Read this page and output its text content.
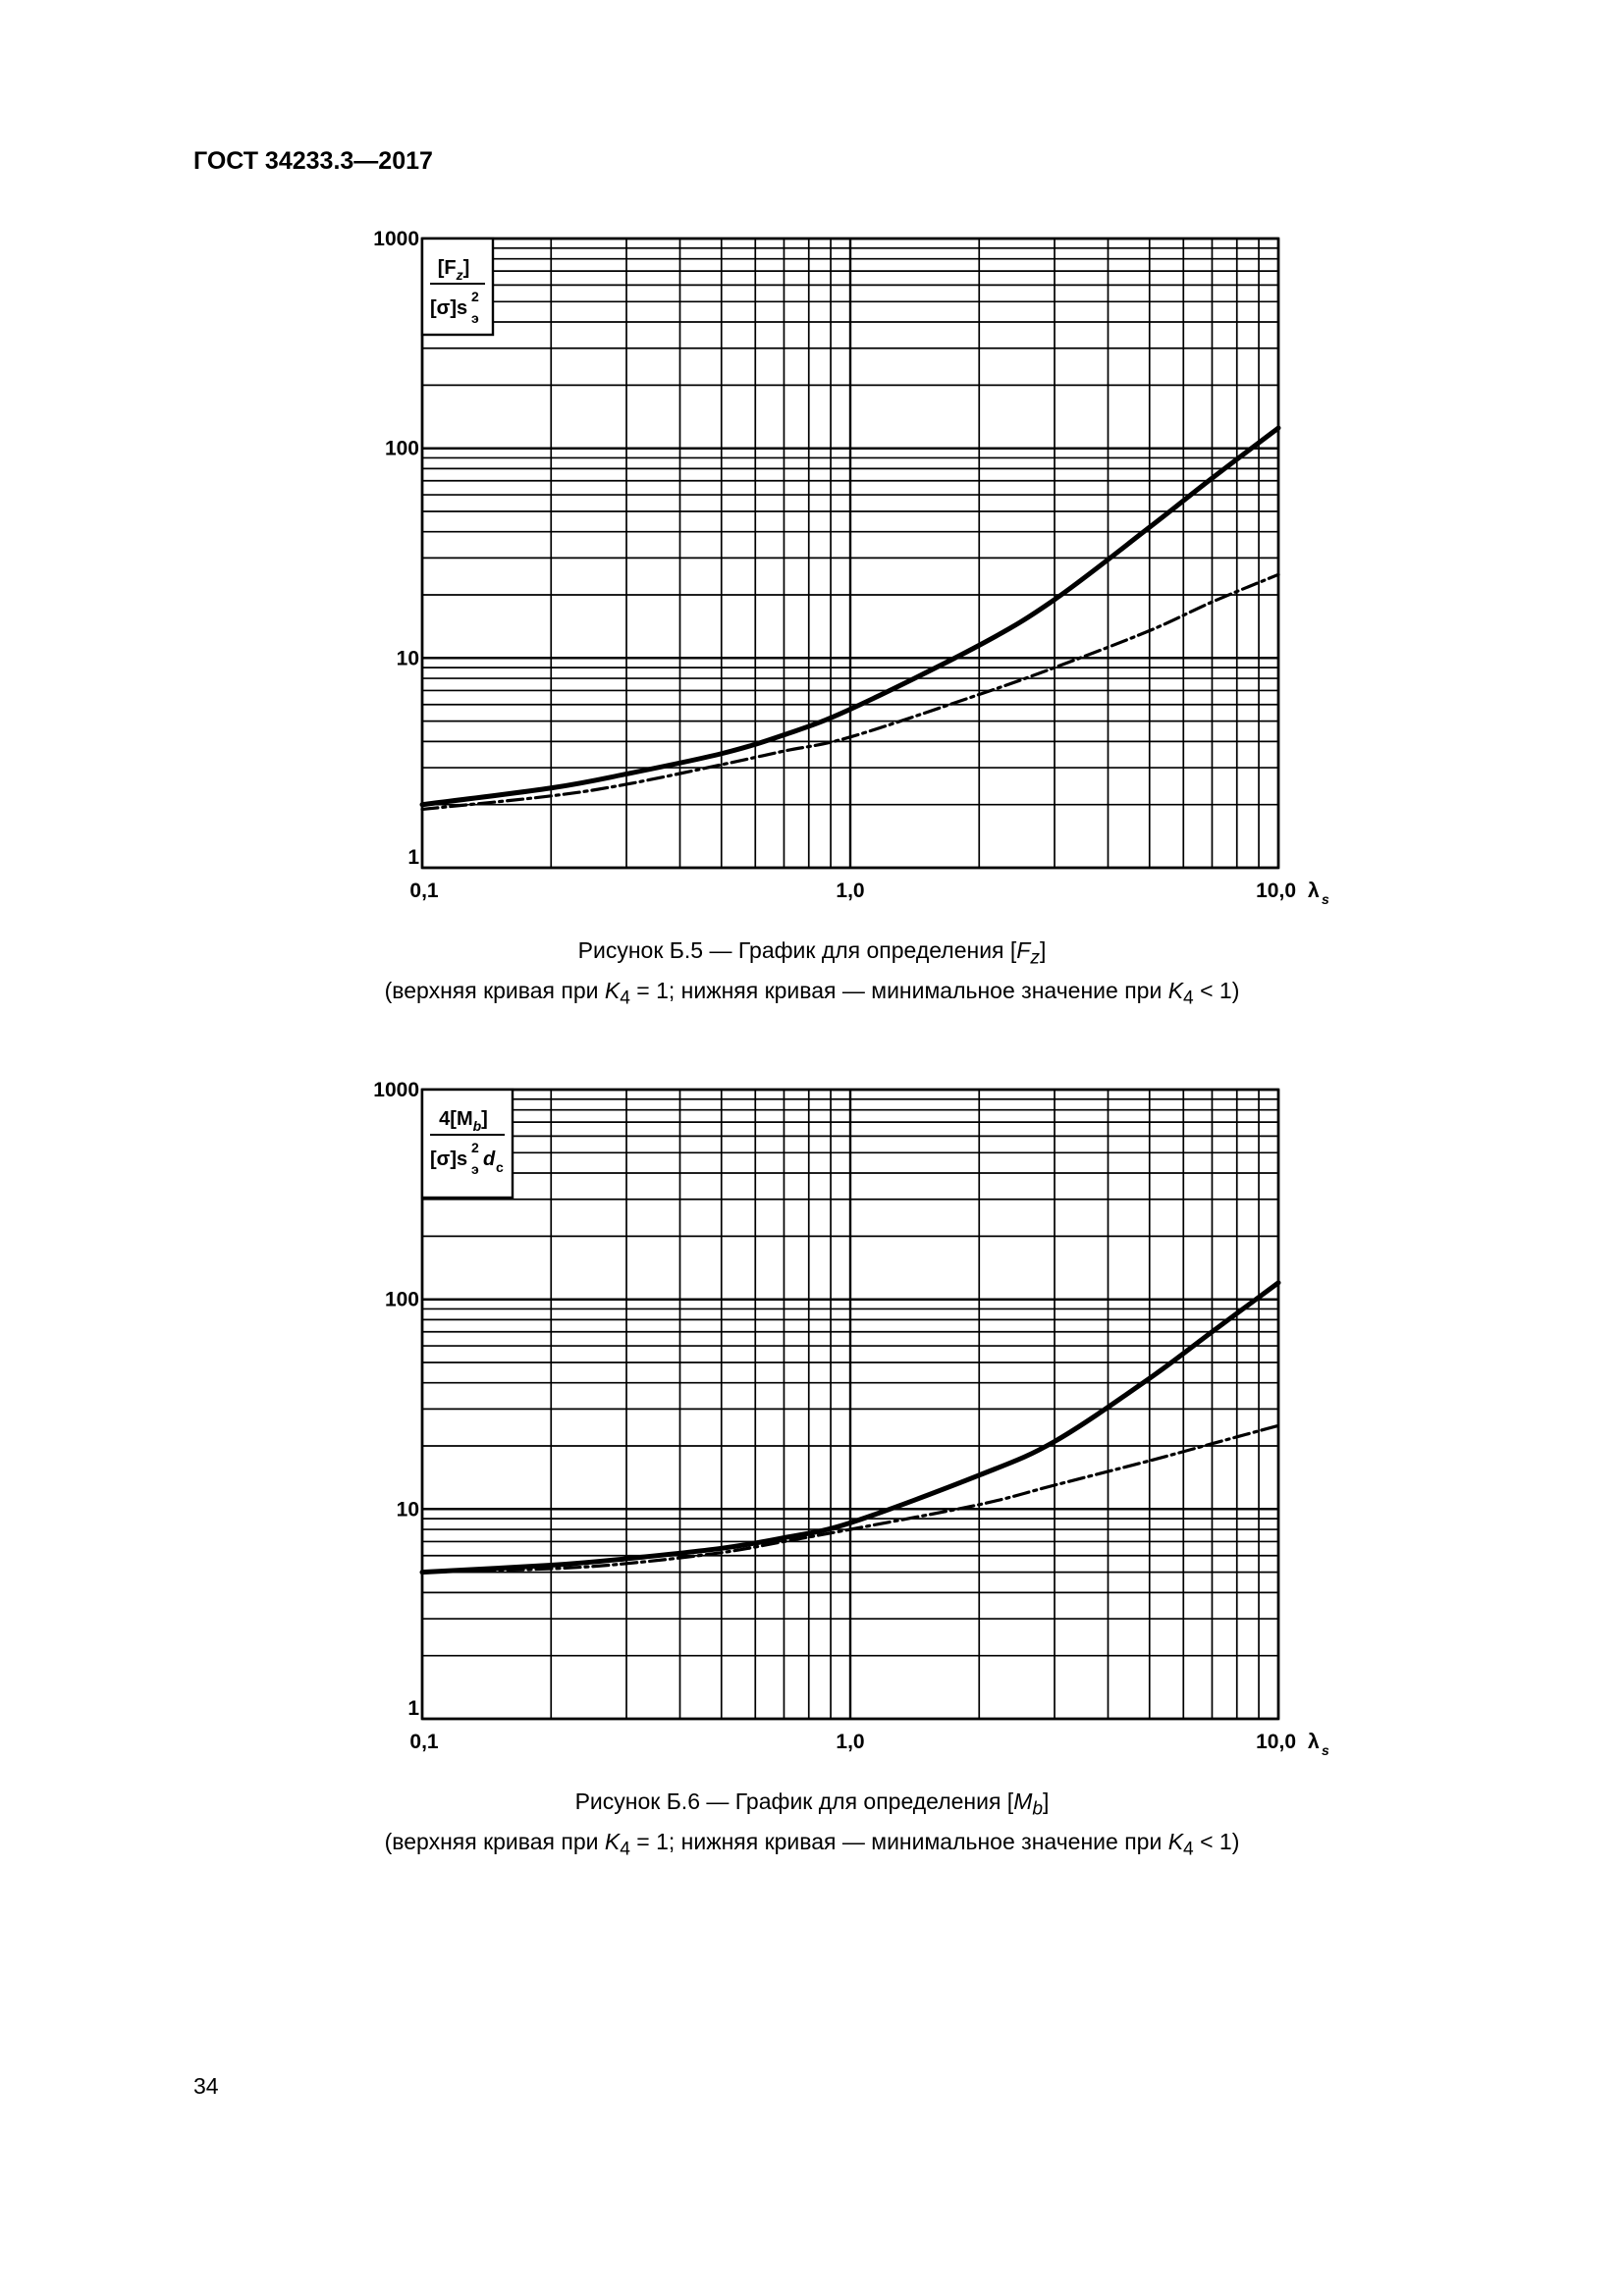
ГОСТ 34233.3—2017
1000
100
10
1
0,1	1,0	10,0 λ s
$[F_z]$
[σ]s
2
э
Рисунок Б.5 — График для определения $[F_z]$
(верхняя кривая при $K_4 = 1$; нижняя кривая — минимальное значение при $K_4 < 1$)
1000
100
10
1
0,1	1,0	10,0 λ s
$4[M_b]$
[σ]s
2
э d c
Рисунок Б.6 — График для определения $[M_b]$
(верхняя кривая при $K_4 = 1$; нижняя кривая — минимальное значение при $K_4 < 1$)
34
